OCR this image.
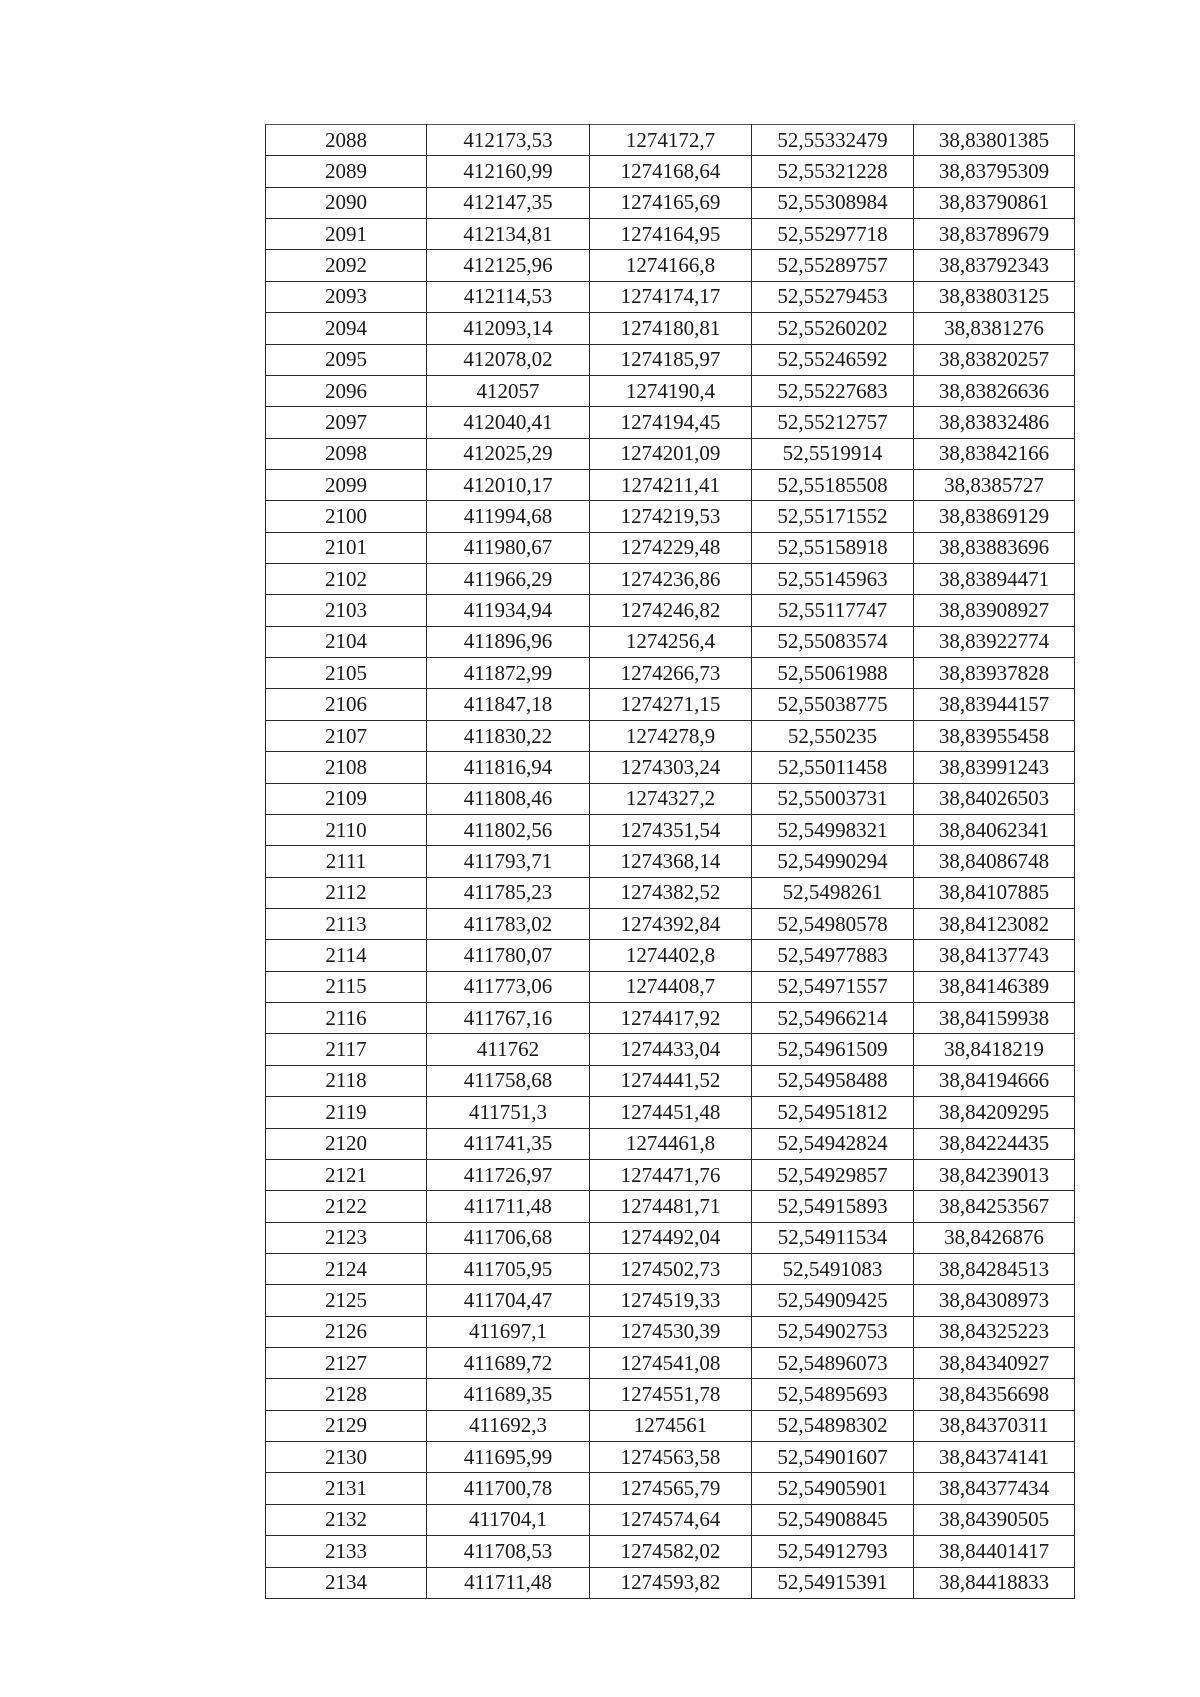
2088	412173,53	1274172,7	52,55332479	38,83801385
2089	412160,99	1274168,64	52,55321228	38,83795309
2090	412147,35	1274165,69	52,55308984	38,83790861
2091	412134,81	1274164,95	52,55297718	38,83789679
2092	412125,96	1274166,8	52,55289757	38,83792343
2093	412114,53	1274174,17	52,55279453	38,83803125
2094	412093,14	1274180,81	52,55260202	38,8381276
2095	412078,02	1274185,97	52,55246592	38,83820257
2096	412057	1274190,4	52,55227683	38,83826636
2097	412040,41	1274194,45	52,55212757	38,83832486
2098	412025,29	1274201,09	52,5519914	38,83842166
2099	412010,17	1274211,41	52,55185508	38,8385727
2100	411994,68	1274219,53	52,55171552	38,83869129
2101	411980,67	1274229,48	52,55158918	38,83883696
2102	411966,29	1274236,86	52,55145963	38,83894471
2103	411934,94	1274246,82	52,55117747	38,83908927
2104	411896,96	1274256,4	52,55083574	38,83922774
2105	411872,99	1274266,73	52,55061988	38,83937828
2106	411847,18	1274271,15	52,55038775	38,83944157
2107	411830,22	1274278,9	52,550235	38,83955458
2108	411816,94	1274303,24	52,55011458	38,83991243
2109	411808,46	1274327,2	52,55003731	38,84026503
2110	411802,56	1274351,54	52,54998321	38,84062341
2111	411793,71	1274368,14	52,54990294	38,84086748
2112	411785,23	1274382,52	52,5498261	38,84107885
2113	411783,02	1274392,84	52,54980578	38,84123082
2114	411780,07	1274402,8	52,54977883	38,84137743
2115	411773,06	1274408,7	52,54971557	38,84146389
2116	411767,16	1274417,92	52,54966214	38,84159938
2117	411762	1274433,04	52,54961509	38,8418219
2118	411758,68	1274441,52	52,54958488	38,84194666
2119	411751,3	1274451,48	52,54951812	38,84209295
2120	411741,35	1274461,8	52,54942824	38,84224435
2121	411726,97	1274471,76	52,54929857	38,84239013
2122	411711,48	1274481,71	52,54915893	38,84253567
2123	411706,68	1274492,04	52,54911534	38,8426876
2124	411705,95	1274502,73	52,5491083	38,84284513
2125	411704,47	1274519,33	52,54909425	38,84308973
2126	411697,1	1274530,39	52,54902753	38,84325223
2127	411689,72	1274541,08	52,54896073	38,84340927
2128	411689,35	1274551,78	52,54895693	38,84356698
2129	411692,3	1274561	52,54898302	38,84370311
2130	411695,99	1274563,58	52,54901607	38,84374141
2131	411700,78	1274565,79	52,54905901	38,84377434
2132	411704,1	1274574,64	52,54908845	38,84390505
2133	411708,53	1274582,02	52,54912793	38,84401417
2134	411711,48	1274593,82	52,54915391	38,84418833
